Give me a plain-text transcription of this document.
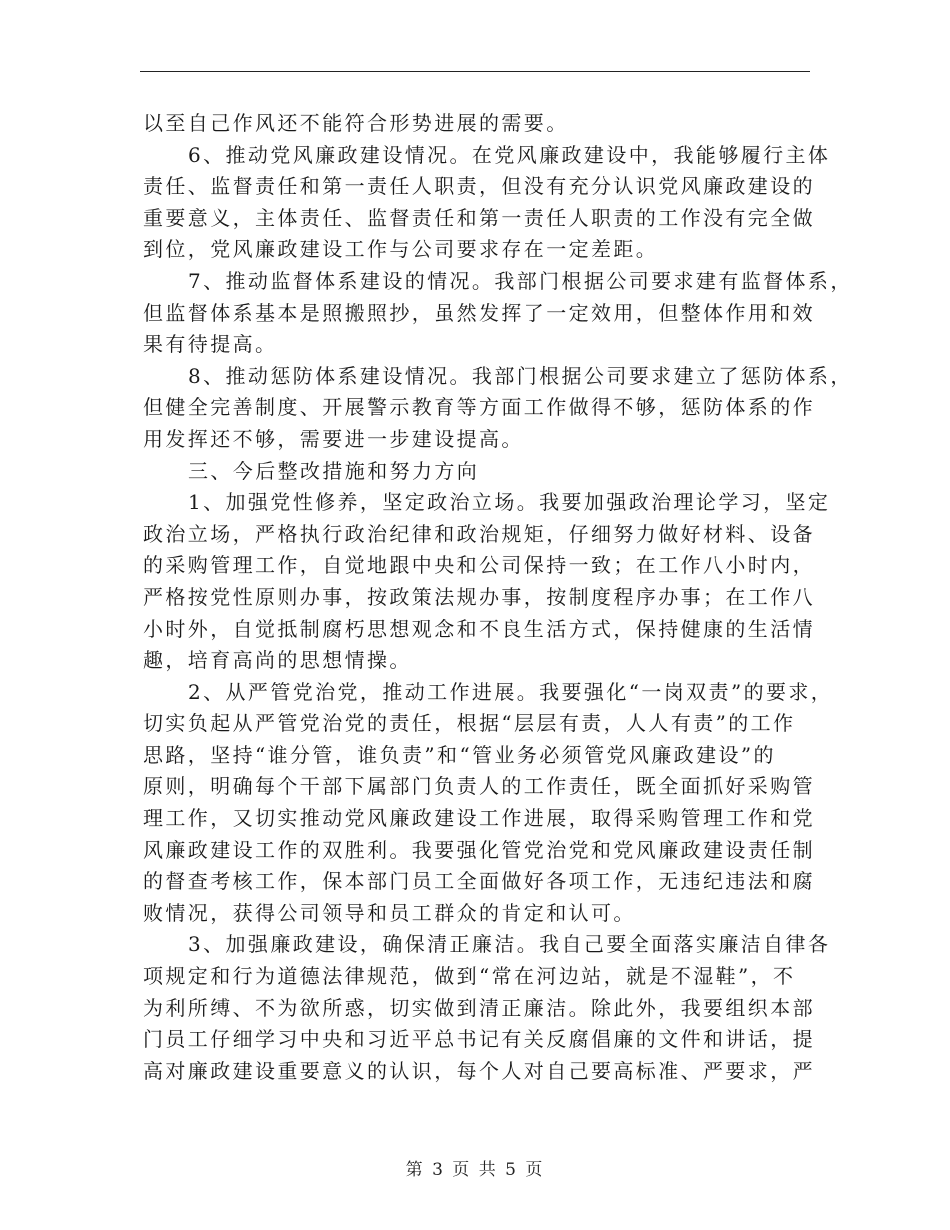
以至自己作风还不能符合形势进展的需要。
6、推动党风廉政建设情况。在党风廉政建设中，我能够履行主体
责任、监督责任和第一责任人职责，但没有充分认识党风廉政建设的
重要意义，主体责任、监督责任和第一责任人职责的工作没有完全做
到位，党风廉政建设工作与公司要求存在一定差距。
7、推动监督体系建设的情况。我部门根据公司要求建有监督体系，
但监督体系基本是照搬照抄，虽然发挥了一定效用，但整体作用和效
果有待提高。
8、推动惩防体系建设情况。我部门根据公司要求建立了惩防体系，
但健全完善制度、开展警示教育等方面工作做得不够，惩防体系的作
用发挥还不够，需要进一步建设提高。
三、今后整改措施和努力方向
1、加强党性修养，坚定政治立场。我要加强政治理论学习，坚定
政治立场，严格执行政治纪律和政治规矩，仔细努力做好材料、设备
的采购管理工作，自觉地跟中央和公司保持一致；在工作八小时内，
严格按党性原则办事，按政策法规办事，按制度程序办事；在工作八
小时外，自觉抵制腐朽思想观念和不良生活方式，保持健康的生活情
趣，培育高尚的思想情操。
2、从严管党治党，推动工作进展。我要强化“一岗双责”的要求，
切实负起从严管党治党的责任，根据“层层有责，人人有责”的工作
思路，坚持“谁分管，谁负责”和“管业务必须管党风廉政建设”的
原则，明确每个干部下属部门负责人的工作责任，既全面抓好采购管
理工作，又切实推动党风廉政建设工作进展，取得采购管理工作和党
风廉政建设工作的双胜利。我要强化管党治党和党风廉政建设责任制
的督查考核工作，保本部门员工全面做好各项工作，无违纪违法和腐
败情况，获得公司领导和员工群众的肯定和认可。
3、加强廉政建设，确保清正廉洁。我自己要全面落实廉洁自律各
项规定和行为道德法律规范，做到“常在河边站，就是不湿鞋”，不
为利所缚、不为欲所惑，切实做到清正廉洁。除此外，我要组织本部
门员工仔细学习中央和习近平总书记有关反腐倡廉的文件和讲话，提
高对廉政建设重要意义的认识，每个人对自己要高标准、严要求，严
第 3 页 共 5 页
